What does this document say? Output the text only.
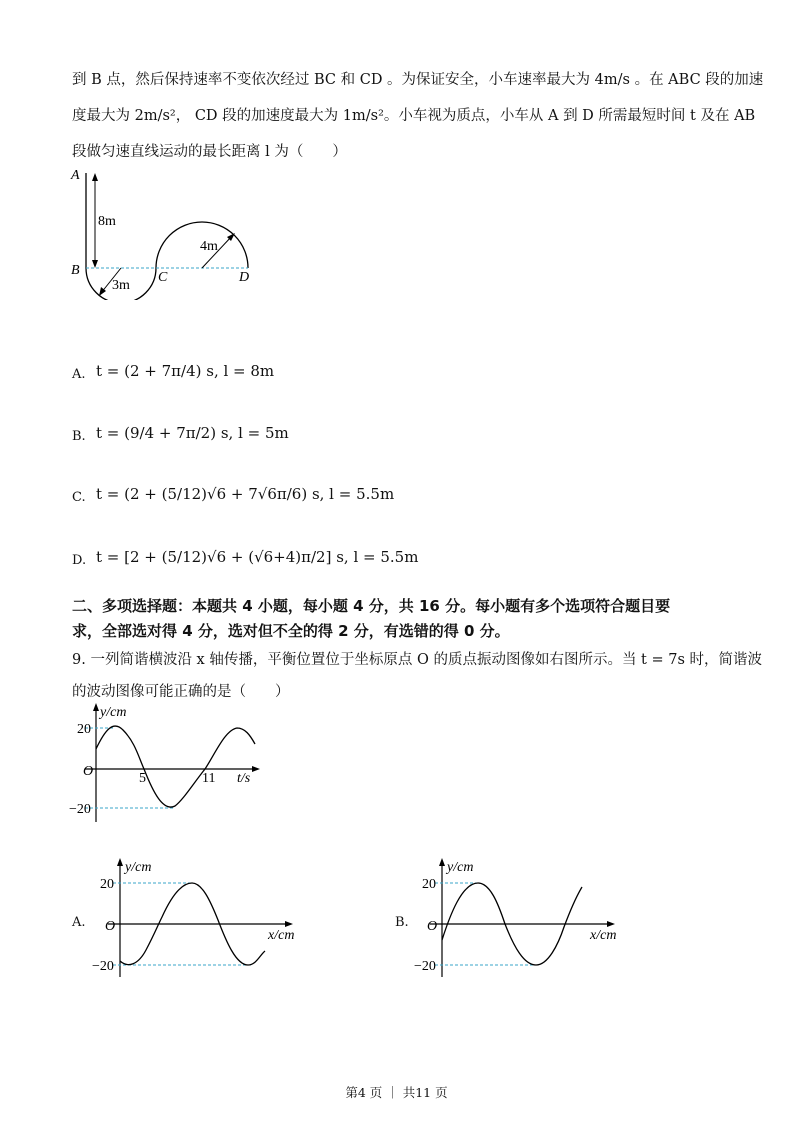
到 B 点，然后保持速率不变依次经过 BC 和 CD 。为保证安全，小车速率最大为 4m/s 。在 ABC 段的加速
度最大为 2m/s²， CD 段的加速度最大为 1m/s²。小车视为质点，小车从 A 到 D 所需最短时间 t 及在 AB
段做匀速直线运动的最长距离 l 为（　　）
A
B	C	D
8m
3m
4m
A. t = (2 + 7π/4) s, l = 8m
B. t = (9/4 + 7π/2) s, l = 5m
C. t = (2 + (5/12)√6 + 7√6π/6) s, l = 5.5m
D. t = [2 + (5/12)√6 + (√6+4)π/2] s, l = 5.5m
二、多项选择题：本题共 4 小题，每小题 4 分，共 16 分。每小题有多个选项符合题目要
求，全部选对得 4 分，选对但不全的得 2 分，有选错的得 0 分。
9. 一列简谐横波沿 x 轴传播，平衡位置位于坐标原点 O 的质点振动图像如右图所示。当 t = 7s 时，简谐波
的波动图像可能正确的是（　　）
y/cm
20
−20
O	5	11 t/s
A.
y/cm
20
−20
O
x/cm
B.
y/cm
20
−20
O
x/cm
第4 页 ｜ 共11 页
